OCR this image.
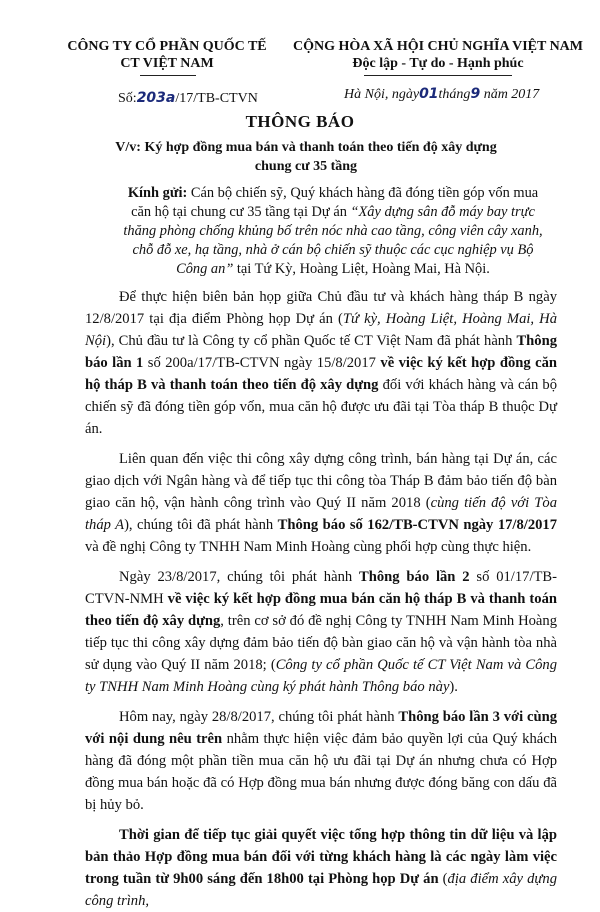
CÔNG TY CỔ PHẦN QUỐC TẾ
CT VIỆT NAM
CỘNG HÒA XÃ HỘI CHỦ NGHĨA VIỆT NAM
Độc lập - Tự do - Hạnh phúc
Số:203a/17/TB-CTVN	Hà Nội, ngày01tháng9 năm 2017
THÔNG BÁO
V/v: Ký hợp đồng mua bán và thanh toán theo tiến độ xây dựng
chung cư 35 tầng

Kính gửi: Cán bộ chiến sỹ, Quý khách hàng đã đóng tiền góp vốn mua căn hộ tại chung cư 35 tầng tại Dự án “Xây dựng sân đỗ máy bay trực thăng phòng chống khủng bố trên nóc nhà cao tầng, công viên cây xanh, chỗ đỗ xe, hạ tầng, nhà ở cán bộ chiến sỹ thuộc các cục nghiệp vụ Bộ Công an” tại Tứ Kỳ, Hoàng Liệt, Hoàng Mai, Hà Nội.

Để thực hiện biên bản họp giữa Chủ đầu tư và khách hàng tháp B ngày 12/8/2017 tại địa điểm Phòng họp Dự án (Tứ kỳ, Hoàng Liệt, Hoàng Mai, Hà Nội), Chủ đầu tư là Công ty cổ phần Quốc tế CT Việt Nam đã phát hành Thông báo lần 1 số 200a/17/TB-CTVN ngày 15/8/2017 về việc ký kết hợp đồng căn hộ tháp B và thanh toán theo tiến độ xây dựng đối với khách hàng và cán bộ chiến sỹ đã đóng tiền góp vốn, mua căn hộ được ưu đãi tại Tòa tháp B thuộc Dự án.

Liên quan đến việc thi công xây dựng công trình, bán hàng tại Dự án, các giao dịch với Ngân hàng và để tiếp tục thi công tòa Tháp B đảm bảo tiến độ bàn giao căn hộ, vận hành công trình vào Quý II năm 2018 (cùng tiến độ với Tòa tháp A), chúng tôi đã phát hành Thông báo số 162/TB-CTVN ngày 17/8/2017 và đề nghị Công ty TNHH Nam Minh Hoàng cùng phối hợp cùng thực hiện.

Ngày 23/8/2017, chúng tôi phát hành Thông báo lần 2 số 01/17/TB-CTVN-NMH về việc ký kết hợp đồng mua bán căn hộ tháp B và thanh toán theo tiến độ xây dựng, trên cơ sở đó đề nghị Công ty TNHH Nam Minh Hoàng tiếp tục thi công xây dựng đảm bảo tiến độ bàn giao căn hộ và vận hành tòa nhà sử dụng vào Quý II năm 2018; (Công ty cổ phần Quốc tế CT Việt Nam và Công ty TNHH Nam Minh Hoàng cùng ký phát hành Thông báo này).

Hôm nay, ngày 28/8/2017, chúng tôi phát hành Thông báo lần 3 với cùng với nội dung nêu trên nhằm thực hiện việc đảm bảo quyền lợi của Quý khách hàng đã đóng một phần tiền mua căn hộ ưu đãi tại Dự án nhưng chưa có Hợp đồng mua bán hoặc đã có Hợp đồng mua bán nhưng được đóng băng con dấu đã bị hủy bỏ.

Thời gian để tiếp tục giải quyết việc tổng hợp thông tin dữ liệu và lập bản thảo Hợp đồng mua bán đối với từng khách hàng là các ngày làm việc trong tuần từ 9h00 sáng đến 18h00 tại Phòng họp Dự án (địa điểm xây dựng công trình,
